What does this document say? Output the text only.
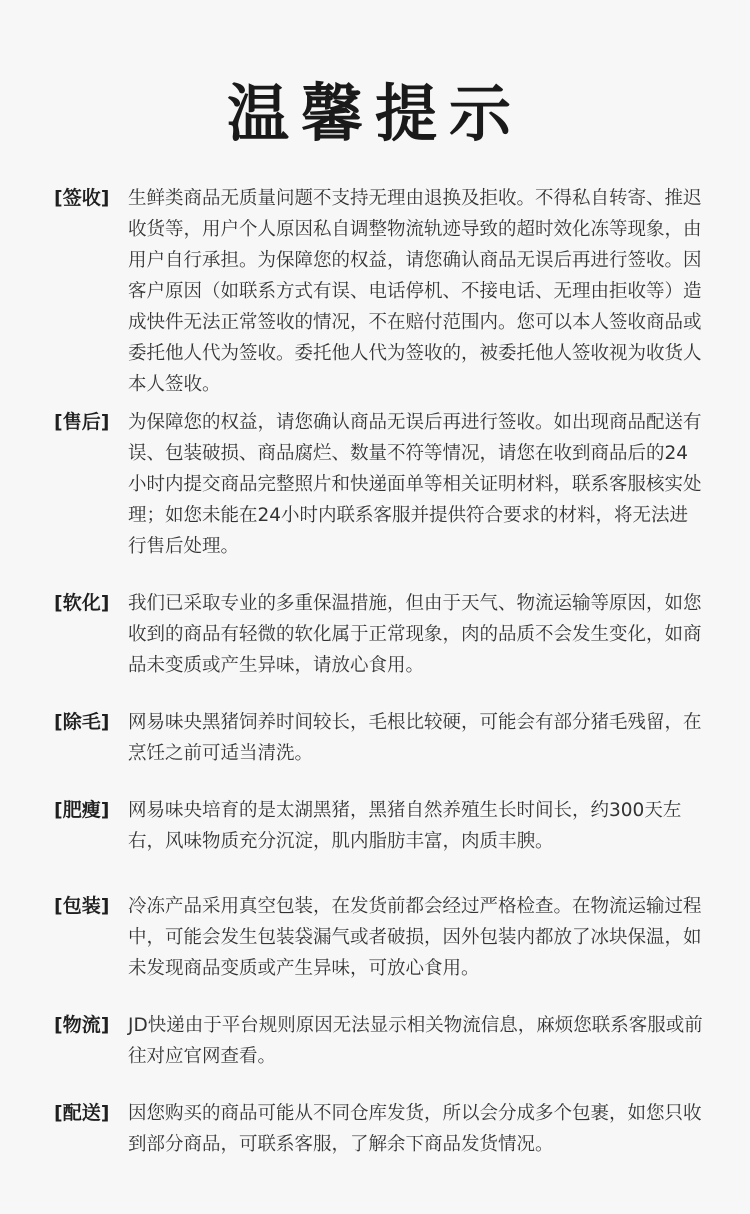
温馨提示
[ 签收 ]	生鲜类商品无质量问题不支持无理由退换及拒收。不得私自转寄、推迟收货等，用户个人原因私自调整物流轨迹导致的超时效化冻等现象，由用户自行承担。为保障您的权益，请您确认商品无误后再进行签收。因客户原因（如联系方式有误、电话停机、不接电话、无理由拒收等）造成快件无法正常签收的情况，不在赔付范围内。您可以本人签收商品或委托他人代为签收。委托他人代为签收的，被委托他人签收视为收货人本人签收。
[ 售后 ]	为保障您的权益，请您确认商品无误后再进行签收。如出现商品配送有误、包装破损、商品腐烂、数量不符等情况，请您在收到商品后的24小时内提交商品完整照片和快递面单等相关证明材料，联系客服核实处理；如您未能在24小时内联系客服并提供符合要求的材料，将无法进行售后处理。
[ 软化 ]	我们已采取专业的多重保温措施，但由于天气、物流运输等原因，如您收到的商品有轻微的软化属于正常现象，肉的品质不会发生变化，如商品未变质或产生异味，请放心食用。
[ 除毛 ]	网易味央黑猪饲养时间较长，毛根比较硬，可能会有部分猪毛残留，在烹饪之前可适当清洗。
[ 肥瘦 ]	网易味央培育的是太湖黑猪，黑猪自然养殖生长时间长，约300天左右，风味物质充分沉淀，肌内脂肪丰富，肉质丰腴。
[ 包装 ]	冷冻产品采用真空包装，在发货前都会经过严格检查。在物流运输过程中，可能会发生包装袋漏气或者破损，因外包装内都放了冰块保温，如未发现商品变质或产生异味，可放心食用。
[ 物流 ]	JD快递由于平台规则原因无法显示相关物流信息，麻烦您联系客服或前往对应官网查看。
[ 配送 ]	因您购买的商品可能从不同仓库发货，所以会分成多个包裹，如您只收到部分商品，可联系客服，了解余下商品发货情况。
